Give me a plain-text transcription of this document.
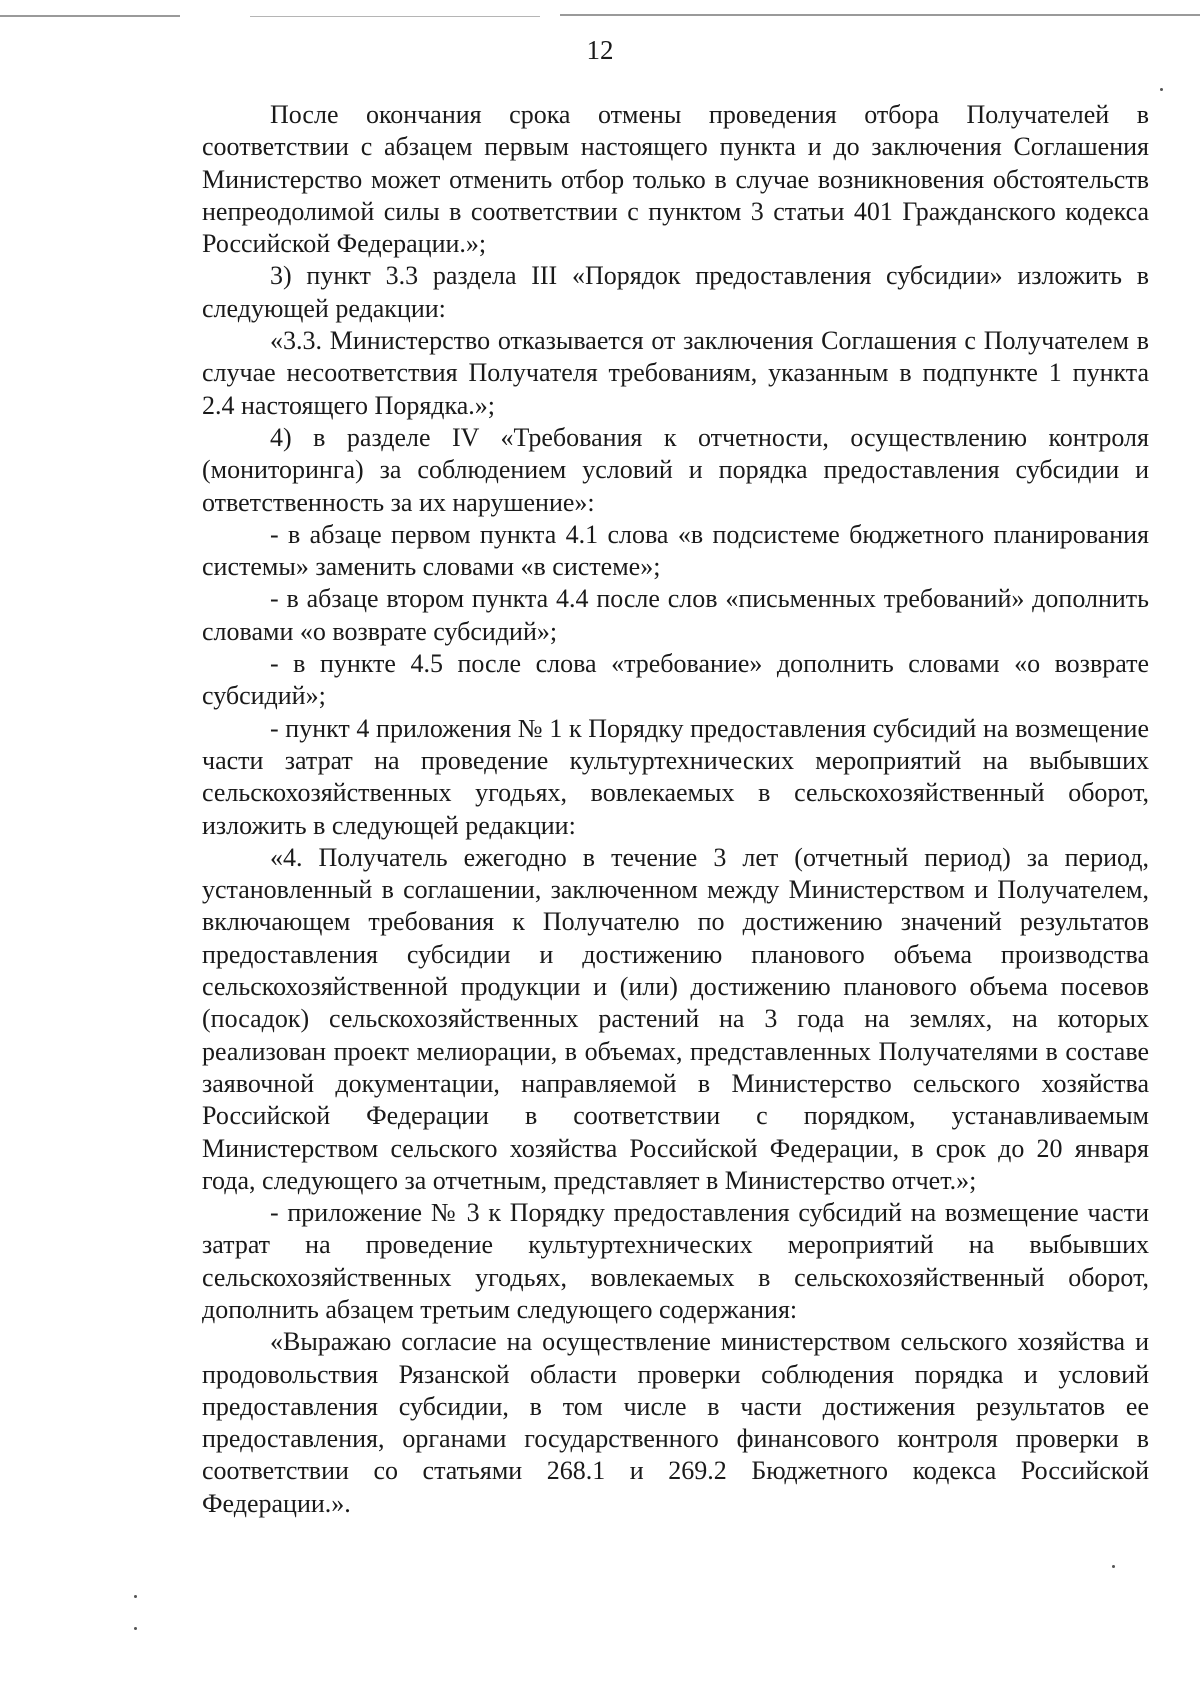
12

После окончания срока отмены проведения отбора Получателей в соответствии с абзацем первым настоящего пункта и до заключения Соглашения Министерство может отменить отбор только в случае возникновения обстоятельств непреодолимой силы в соответствии с пунктом 3 статьи 401 Гражданского кодекса Российской Федерации.»;

3) пункт 3.3 раздела III «Порядок предоставления субсидии» изложить в следующей редакции:

«3.3. Министерство отказывается от заключения Соглашения с Получателем в случае несоответствия Получателя требованиям, указанным в подпункте 1 пункта 2.4 настоящего Порядка.»;

4) в разделе IV «Требования к отчетности, осуществлению контроля (мониторинга) за соблюдением условий и порядка предоставления субсидии и ответственность за их нарушение»:

- в абзаце первом пункта 4.1 слова «в подсистеме бюджетного планирования системы» заменить словами «в системе»;

- в абзаце втором пункта 4.4 после слов «письменных требований» дополнить словами «о возврате субсидий»;

- в пункте 4.5 после слова «требование» дополнить словами «о возврате субсидий»;

- пункт 4 приложения № 1 к Порядку предоставления субсидий на возмещение части затрат на проведение культуртехнических мероприятий на выбывших сельскохозяйственных угодьях, вовлекаемых в сельскохозяйственный оборот, изложить в следующей редакции:

«4. Получатель ежегодно в течение 3 лет (отчетный период) за период, установленный в соглашении, заключенном между Министерством и Получателем, включающем требования к Получателю по достижению значений результатов предоставления субсидии и достижению планового объема производства сельскохозяйственной продукции и (или) достижению планового объема посевов (посадок) сельскохозяйственных растений на 3 года на землях, на которых реализован проект мелиорации, в объемах, представленных Получателями в составе заявочной документации, направляемой в Министерство сельского хозяйства Российской Федерации в соответствии с порядком, устанавливаемым Министерством сельского хозяйства Российской Федерации, в срок до 20 января года, следующего за отчетным, представляет в Министерство отчет.»;

- приложение № 3 к Порядку предоставления субсидий на возмещение части затрат на проведение культуртехнических мероприятий на выбывших сельскохозяйственных угодьях, вовлекаемых в сельскохозяйственный оборот, дополнить абзацем третьим следующего содержания:

«Выражаю согласие на осуществление министерством сельского хозяйства и продовольствия Рязанской области проверки соблюдения порядка и условий предоставления субсидии, в том числе в части достижения результатов ее предоставления, органами государственного финансового контроля проверки в соответствии со статьями 268.1 и 269.2 Бюджетного кодекса Российской Федерации.».
